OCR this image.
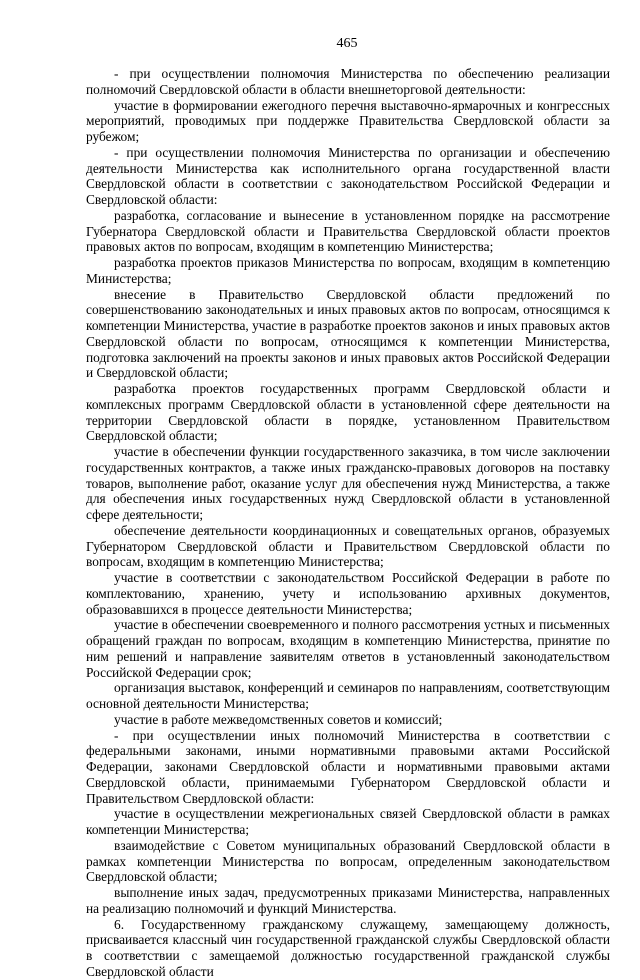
465

- при осуществлении полномочия Министерства по обеспечению реализации полномочий Свердловской области в области внешнеторговой деятельности:

участие в формировании ежегодного перечня выставочно-ярмарочных и конгрессных мероприятий, проводимых при поддержке Правительства Свердловской области за рубежом;

- при осуществлении полномочия Министерства по организации и обеспечению деятельности Министерства как исполнительного органа государственной власти Свердловской области в соответствии с законодательством Российской Федерации и Свердловской области:

разработка, согласование и вынесение в установленном порядке на рассмотрение Губернатора Свердловской области и Правительства Свердловской области проектов правовых актов по вопросам, входящим в компетенцию Министерства;

разработка проектов приказов Министерства по вопросам, входящим в компетенцию Министерства;

внесение в Правительство Свердловской области предложений по совершенствованию законодательных и иных правовых актов по вопросам, относящимся к компетенции Министерства, участие в разработке проектов законов и иных правовых актов Свердловской области по вопросам, относящимся к компетенции Министерства, подготовка заключений на проекты законов и иных правовых актов Российской Федерации и Свердловской области;

разработка проектов государственных программ Свердловской области и комплексных программ Свердловской области в установленной сфере деятельности на территории Свердловской области в порядке, установленном Правительством Свердловской области;

участие в обеспечении функции государственного заказчика, в том числе заключении государственных контрактов, а также иных гражданско-правовых договоров на поставку товаров, выполнение работ, оказание услуг для обеспечения нужд Министерства, а также для обеспечения иных государственных нужд Свердловской области в установленной сфере деятельности;

обеспечение деятельности координационных и совещательных органов, образуемых Губернатором Свердловской области и Правительством Свердловской области по вопросам, входящим в компетенцию Министерства;

участие в соответствии с законодательством Российской Федерации в работе по комплектованию, хранению, учету и использованию архивных документов, образовавшихся в процессе деятельности Министерства;

участие в обеспечении своевременного и полного рассмотрения устных и письменных обращений граждан по вопросам, входящим в компетенцию Министерства, принятие по ним решений и направление заявителям ответов в установленный законодательством Российской Федерации срок;

организация выставок, конференций и семинаров по направлениям, соответствующим основной деятельности Министерства;

участие в работе межведомственных советов и комиссий;

- при осуществлении иных полномочий Министерства в соответствии с федеральными законами, иными нормативными правовыми актами Российской Федерации, законами Свердловской области и нормативными правовыми актами Свердловской области, принимаемыми Губернатором Свердловской области и Правительством Свердловской области:

участие в осуществлении межрегиональных связей Свердловской области в рамках компетенции Министерства;

взаимодействие с Советом муниципальных образований Свердловской области в рамках компетенции Министерства по вопросам, определенным законодательством Свердловской области;

выполнение иных задач, предусмотренных приказами Министерства, направленных на реализацию полномочий и функций Министерства.

6. Государственному гражданскому служащему, замещающему должность, присваивается классный чин государственной гражданской службы Свердловской области в соответствии с замещаемой должностью государственной гражданской службы Свердловской области
